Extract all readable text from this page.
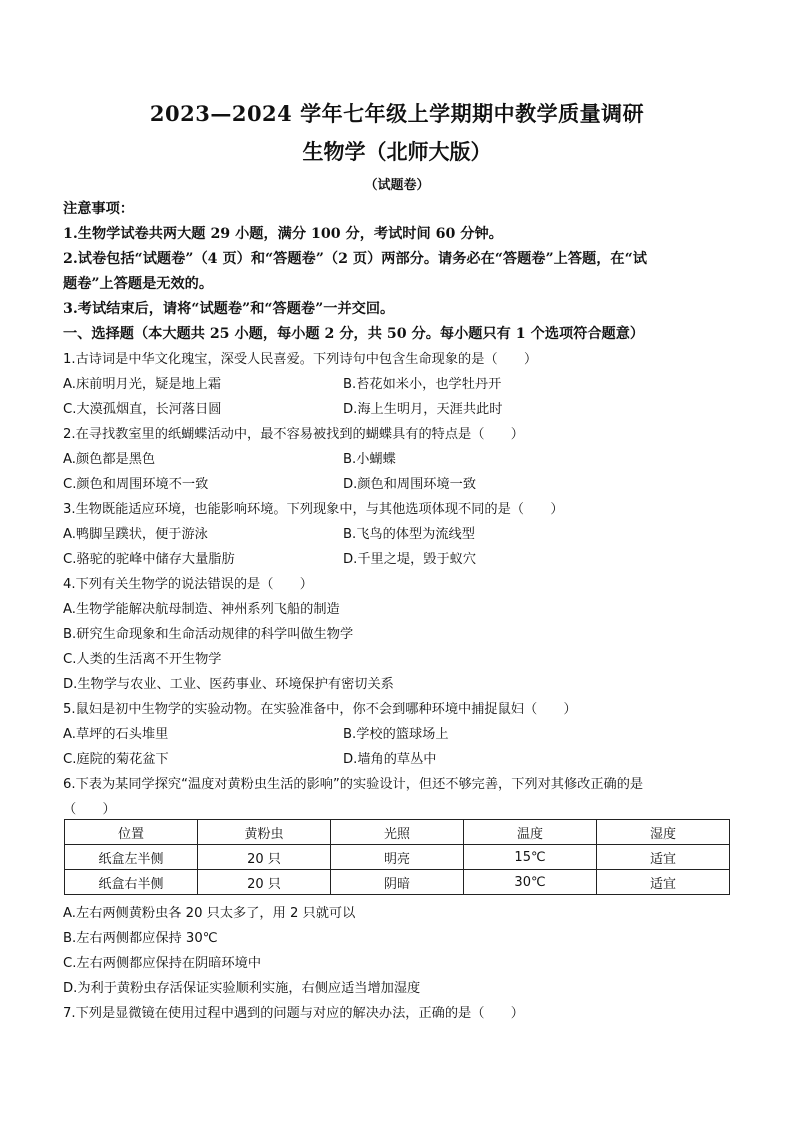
2023—2024 学年七年级上学期期中教学质量调研
生物学（北师大版）
（试题卷）
注意事项：
1.生物学试卷共两大题 29 小题，满分 100 分，考试时间 60 分钟。
2.试卷包括“试题卷”（4 页）和“答题卷”（2 页）两部分。请务必在“答题卷”上答题，在“试
题卷”上答题是无效的。
3.考试结束后，请将“试题卷”和“答题卷”一并交回。
一、选择题（本大题共 25 小题，每小题 2 分，共 50 分。每小题只有 1 个选项符合题意）
1.古诗词是中华文化瑰宝，深受人民喜爱。下列诗句中包含生命现象的是（　　）
A.床前明月光，疑是地上霜	B.苔花如米小，也学牡丹开
C.大漠孤烟直，长河落日圆	D.海上生明月，天涯共此时
2.在寻找教室里的纸蝴蝶活动中，最不容易被找到的蝴蝶具有的特点是（　　）
A.颜色都是黑色	B.小蝴蝶
C.颜色和周围环境不一致	D.颜色和周围环境一致
3.生物既能适应环境，也能影响环境。下列现象中，与其他选项体现不同的是（　　）
A.鸭脚呈蹼状，便于游泳	B.飞鸟的体型为流线型
C.骆驼的驼峰中储存大量脂肪	D.千里之堤，毁于蚁穴
4.下列有关生物学的说法错误的是（　　）
A.生物学能解决航母制造、神州系列飞船的制造
B.研究生命现象和生命活动规律的科学叫做生物学
C.人类的生活离不开生物学
D.生物学与农业、工业、医药事业、环境保护有密切关系
5.鼠妇是初中生物学的实验动物。在实验准备中，你不会到哪种环境中捕捉鼠妇（　　）
A.草坪的石头堆里	B.学校的篮球场上
C.庭院的菊花盆下	D.墙角的草丛中
6.下表为某同学探究“温度对黄粉虫生活的影响”的实验设计，但还不够完善，下列对其修改正确的是
（　　）
位置	黄粉虫	光照	温度	湿度
纸盒左半侧	20 只	明亮	15℃	适宜
纸盒右半侧	20 只	阴暗	30℃	适宜
A.左右两侧黄粉虫各 20 只太多了，用 2 只就可以
B.左右两侧都应保持 30℃
C.左右两侧都应保持在阴暗环境中
D.为利于黄粉虫存活保证实验顺利实施，右侧应适当增加湿度
7.下列是显微镜在使用过程中遇到的问题与对应的解决办法，正确的是（　　）
